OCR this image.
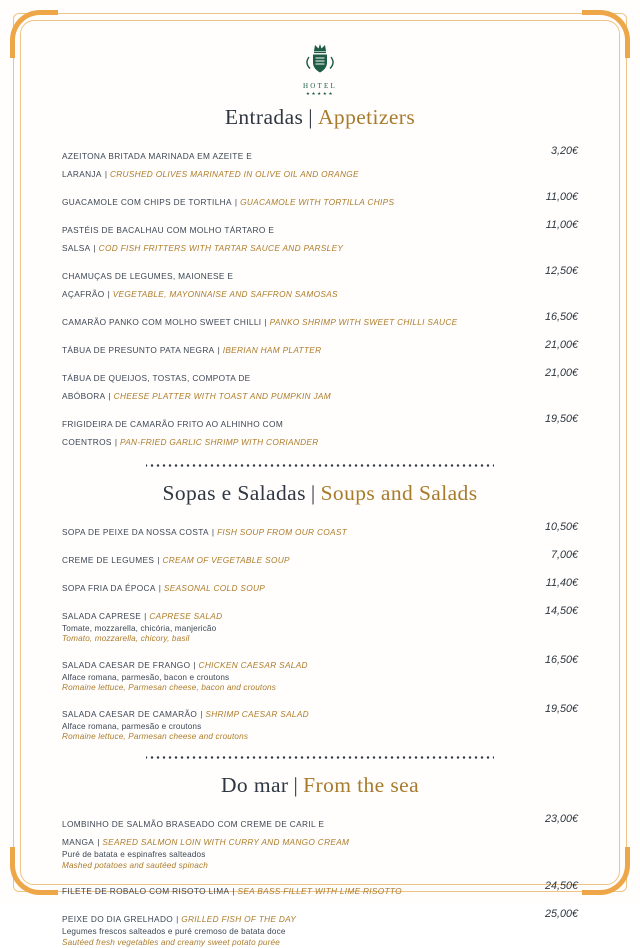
HOTEL
★★★★★
Entradas | Appetizers
AZEITONA BRITADA MARINADA EM AZEITE E LARANJA | CRUSHED OLIVES MARINATED IN OLIVE OIL AND ORANGE
3,20€
GUACAMOLE COM CHIPS DE TORTILHA | GUACAMOLE WITH TORTILLA CHIPS	11,00€
PASTÉIS DE BACALHAU COM MOLHO TÁRTARO E SALSA | COD FISH FRITTERS WITH TARTAR SAUCE AND PARSLEY
11,00€
CHAMUÇAS DE LEGUMES, MAIONESE E AÇAFRÃO | VEGETABLE, MAYONNAISE AND SAFFRON SAMOSAS
12,50€
CAMARÃO PANKO COM MOLHO SWEET CHILLI | PANKO SHRIMP WITH SWEET CHILLI SAUCE	16,50€
TÁBUA DE PRESUNTO PATA NEGRA | IBERIAN HAM PLATTER	21,00€
TÁBUA DE QUEIJOS, TOSTAS, COMPOTA DE ABÓBORA | CHEESE PLATTER WITH TOAST AND PUMPKIN JAM
21,00€
FRIGIDEIRA DE CAMARÃO FRITO AO ALHINHO COM COENTROS | PAN-FRIED GARLIC SHRIMP WITH CORIANDER
19,50€
Sopas e Saladas | Soups and Salads
SOPA DE PEIXE DA NOSSA COSTA | FISH SOUP FROM OUR COAST	10,50€
CREME DE LEGUMES | CREAM OF VEGETABLE SOUP	7,00€
SOPA FRIA DA ÉPOCA | SEASONAL COLD SOUP	11,40€
SALADA CAPRESE | CAPRESE SALAD
Tomate, mozzarella, chicória, manjericão
Tomato, mozzarella, chicory, basil
14,50€
SALADA CAESAR DE FRANGO | CHICKEN CAESAR SALAD
Alface romana, parmesão, bacon e croutons
Romaine lettuce, Parmesan cheese, bacon and croutons
16,50€
SALADA CAESAR DE CAMARÃO | SHRIMP CAESAR SALAD
Alface romana, parmesão e croutons
Romaine lettuce, Parmesan cheese and croutons
19,50€
Do mar | From the sea
LOMBINHO DE SALMÃO BRASEADO COM CREME DE CARIL E MANGA | SEARED SALMON LOIN WITH CURRY AND MANGO CREAM
Puré de batata e espinafres salteados
Mashed potatoes and sautéed spinach
23,00€
FILETE DE ROBALO COM RISOTO LIMA | SEA BASS FILLET WITH LIME RISOTTO	24,50€
PEIXE DO DIA GRELHADO | GRILLED FISH OF THE DAY
Legumes frescos salteados e puré cremoso de batata doce
Sautéed fresh vegetables and creamy sweet potato purée
25,00€
